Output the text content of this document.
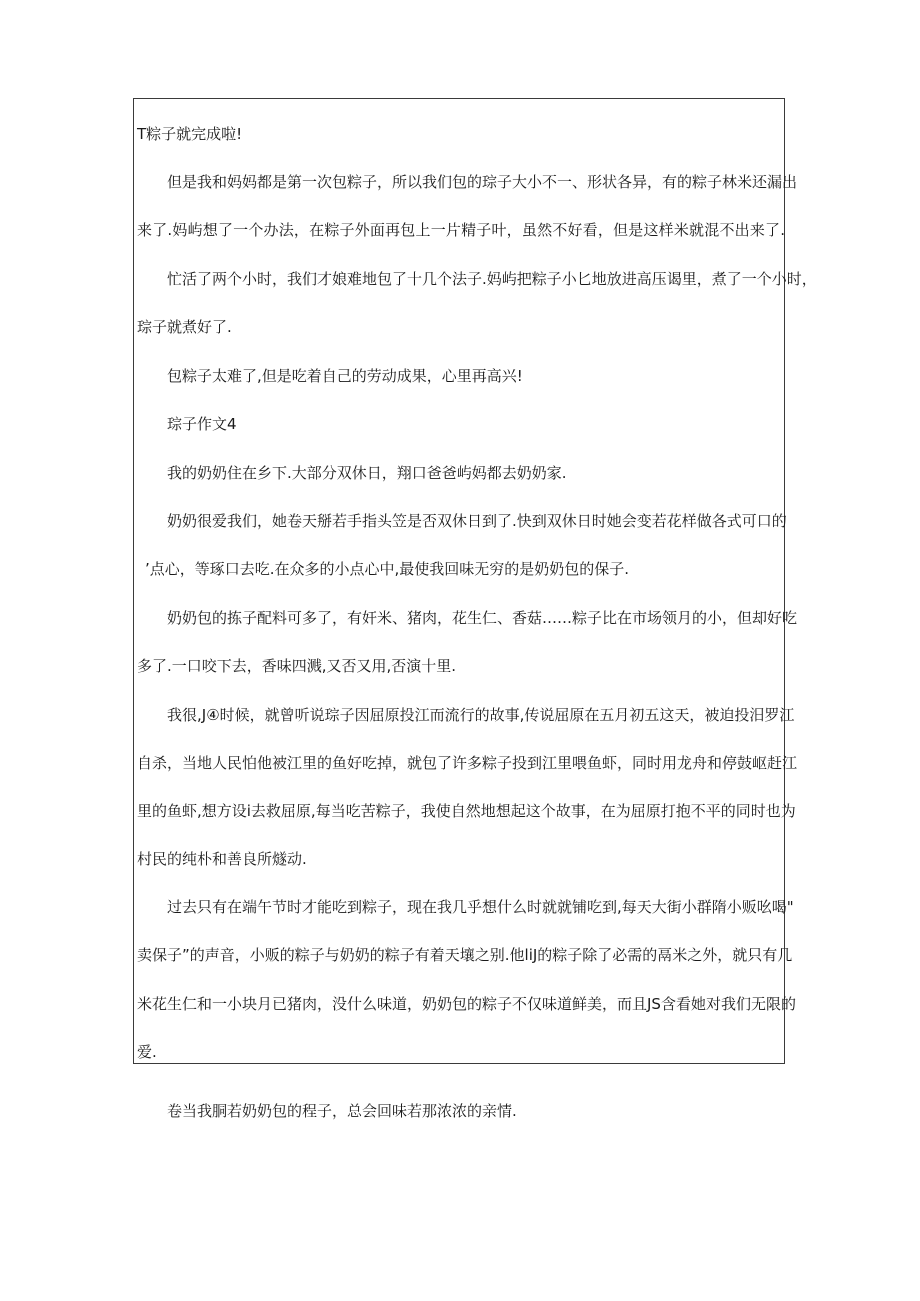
T粽子就完成啦!
但是我和妈妈都是第一次包粽子，所以我们包的琮子大小不一、形状各异，有的粽子林米还漏出
来了.妈屿想了一个办法，在粽子外面再包上一片精子叶，虽然不好看，但是这样米就混不出来了.
忙活了两个小时，我们才娘难地包了十几个法子.妈屿把粽子小匕地放进高压谒里，煮了一个小时，
琮子就煮好了.
包粽子太难了,但是吃着自己的劳动成果，心里再高兴!
琮子作文4
我的奶奶住在乡下.大部分双休日，翔口爸爸屿妈都去奶奶家.
奶奶很爱我们，她卷天掰若手指头笠是否双休日到了.快到双休日时她会变若花样做各式可口的
’点心，等琢口去吃.在众多的小点心中,最使我回味无穷的是奶奶包的保子.
奶奶包的拣子配料可多了，有奸米、猪肉，花生仁、香菇……粽子比在市场领月的小，但却好吃
多了.一口咬下去，香味四溅,又否又用,否演十里.
我很,J④时候，就曾听说琮子因屈原投江而流行的故事,传说屈原在五月初五这天，被迫投汨罗江
自杀，当地人民怕他被江里的鱼好吃掉，就包了许多粽子投到江里喂鱼虾，同时用龙舟和停鼓岖赶江
里的鱼虾,想方设i去救屈原,每当吃苦粽子，我使自然地想起这个故事，在为屈原打抱不平的同时也为
村民的纯朴和善良所燧动.
过去只有在端午节时才能吃到粽子，现在我几乎想什么时就就铺吃到,每天大街小群隋小贩吆喝"
卖保子”的声音，小贩的粽子与奶奶的粽子有着天壤之别.他liJ的粽子除了必需的鬲米之外，就只有几
米花生仁和一小块月已猪肉，没什么味道，奶奶包的粽子不仅味道鲜美，而且JS含看她对我们无限的
爱.
卷当我胴若奶奶包的程子，总会回味若那浓浓的亲情.
